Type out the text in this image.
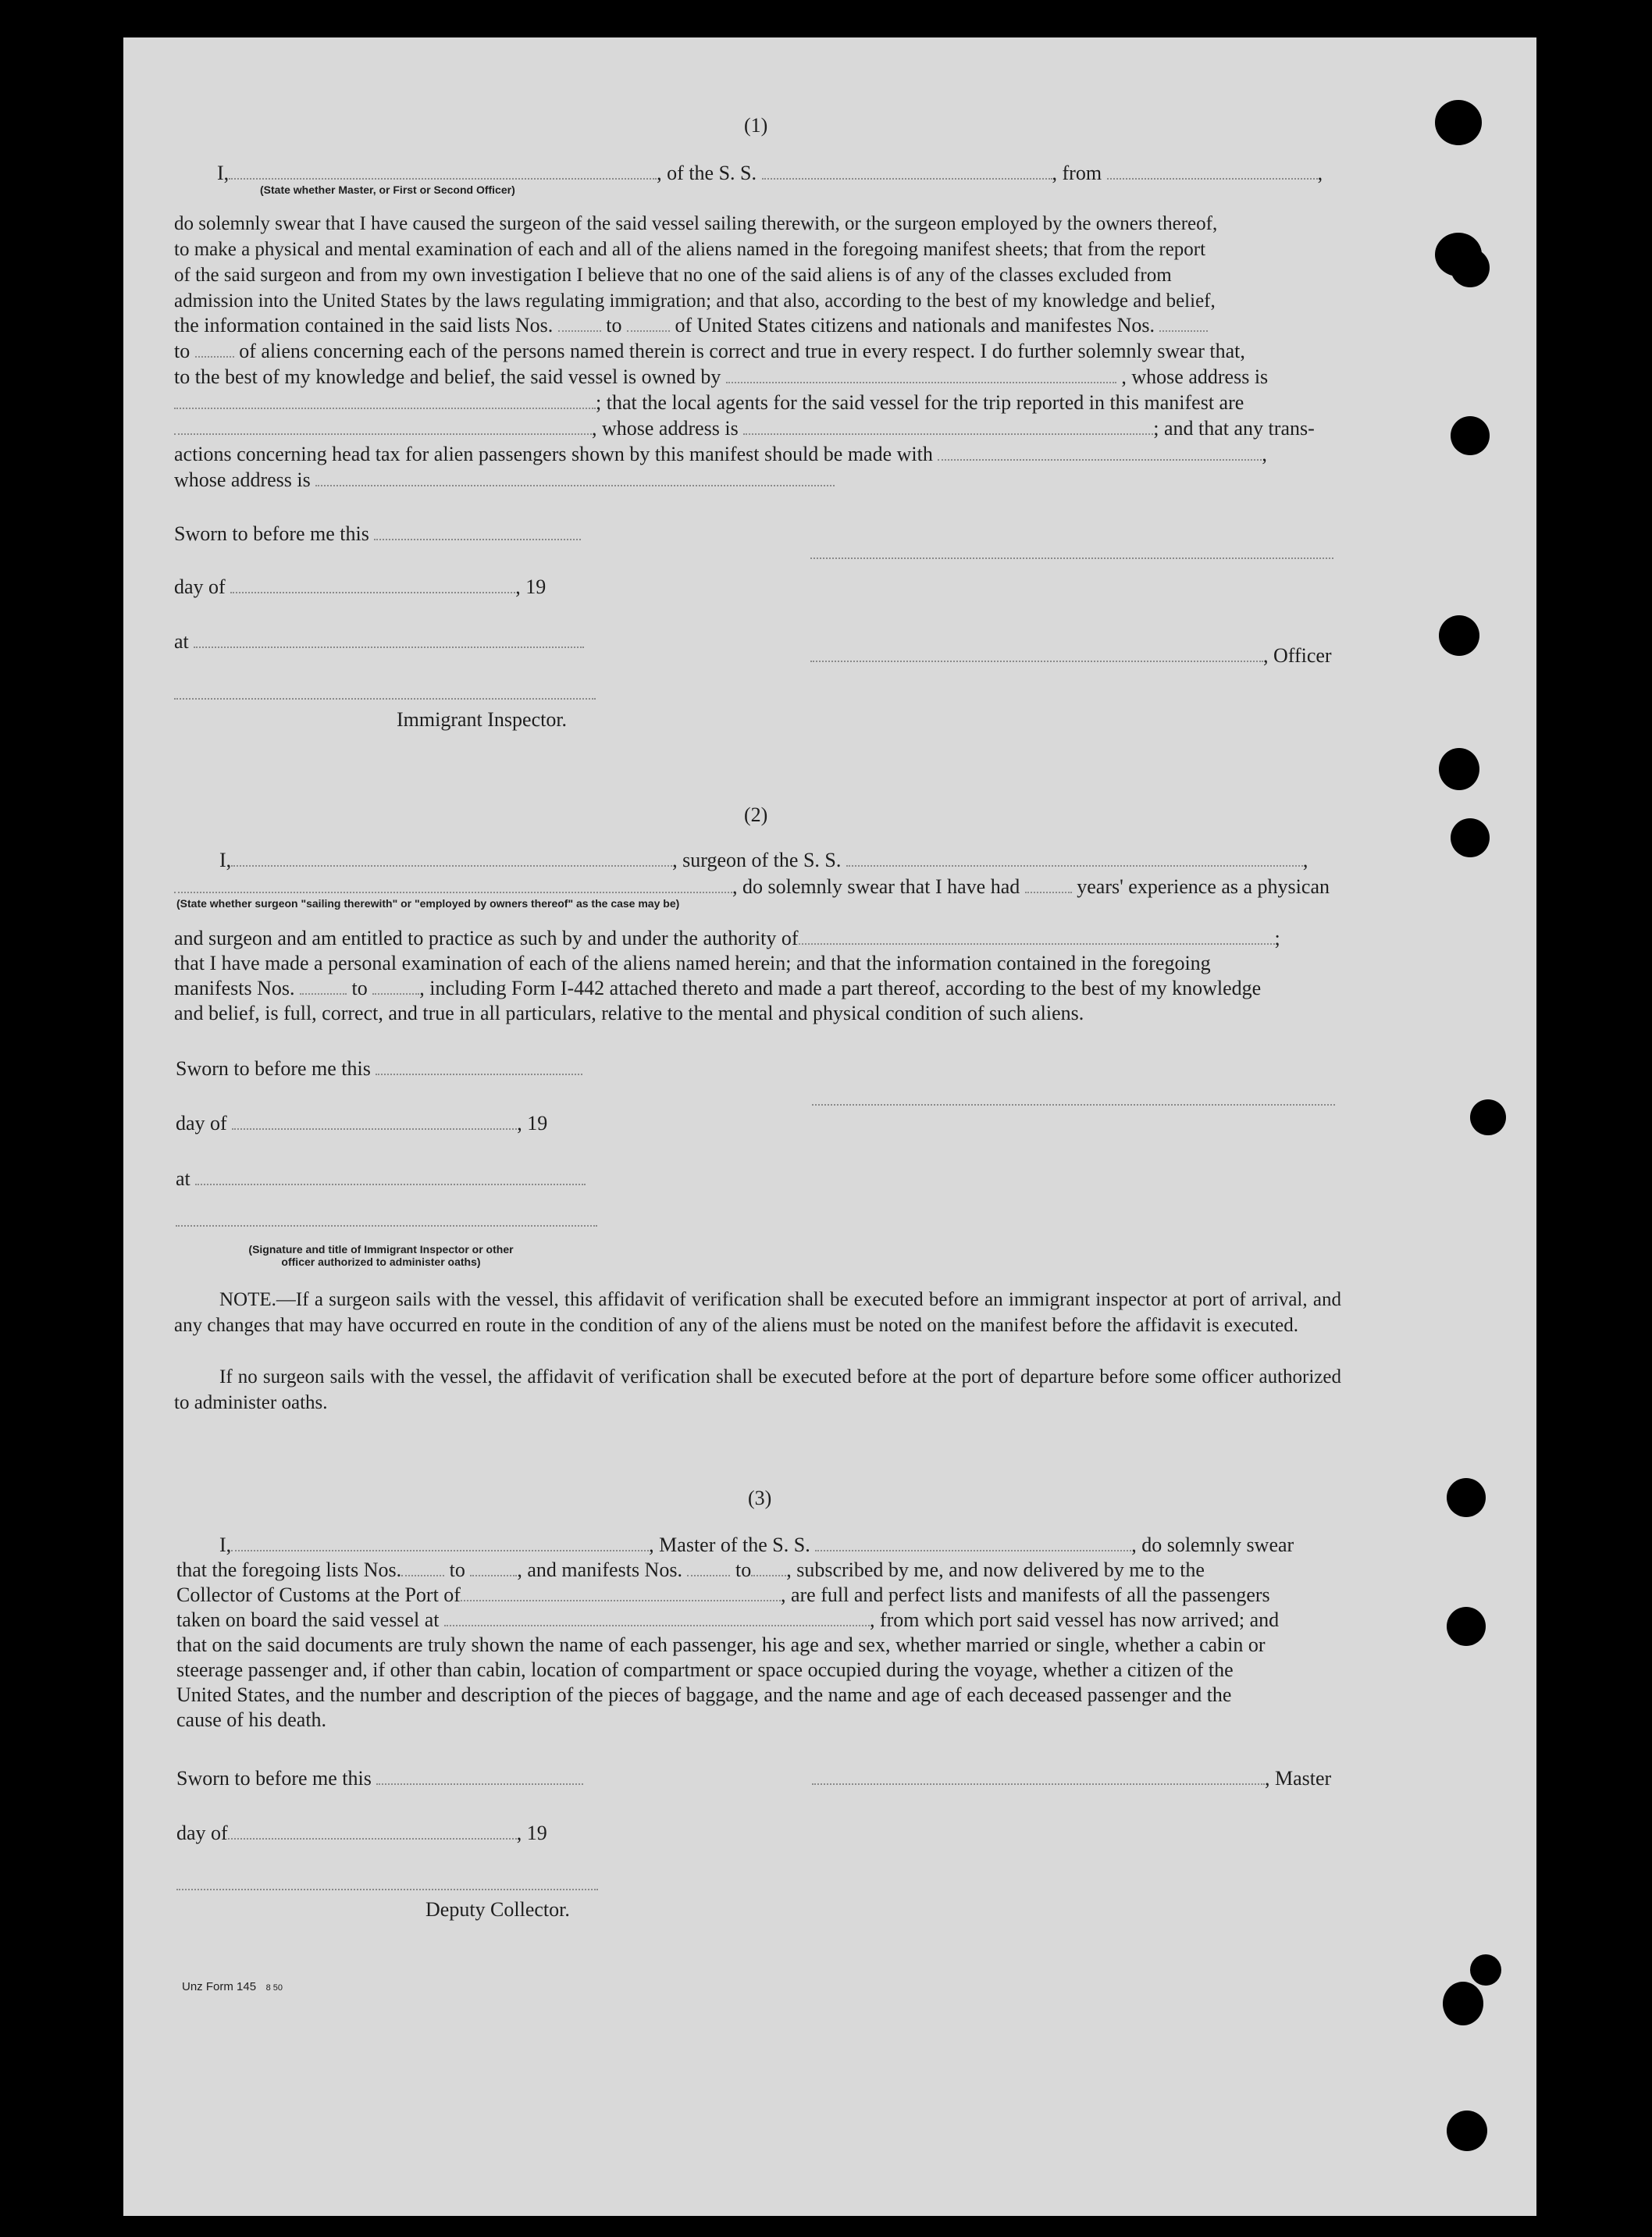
(1)
I,	, of the S. S.	, from	,
(State whether Master, or First or Second Officer)
do solemnly swear that I have caused the surgeon of the said vessel sailing therewith, or the surgeon employed by the owners thereof,
to make a physical and mental examination of each and all of the aliens named in the foregoing manifest sheets; that from the report
of the said surgeon and from my own investigation I believe that no one of the said aliens is of any of the classes excluded from
admission into the United States by the laws regulating immigration; and that also, according to the best of my knowledge and belief,
the information contained in the said lists Nos.	to	of United States citizens and nationals and manifestes Nos.
to of aliens concerning each of the persons named therein is correct and true in every respect. I do further solemnly swear that,
to the best of my knowledge and belief, the said vessel is owned by	, whose address is
; that the local agents for the said vessel for the trip reported in this manifest are
, whose address is	; and that any trans-
actions concerning head tax for alien passengers shown by this manifest should be made with	,
whose address is
Sworn to before me this
day of	, 19
at
, Officer
Immigrant Inspector.
(2)
I,	, surgeon of the S. S.	,
, do solemnly swear that I have had	years' experience as a physican
(State whether surgeon "sailing therewith" or "employed by owners thereof" as the case may be)
and surgeon and am entitled to practice as such by and under the authority of	;
that I have made a personal examination of each of the aliens named herein; and that the information contained in the foregoing
manifests Nos.	to	, including Form I-442 attached thereto and made a part thereof, according to the best of my knowledge
and belief, is full, correct, and true in all particulars, relative to the mental and physical condition of such aliens.
Sworn to before me this
day of	, 19
at
(Signature and title of Immigrant Inspector or other
officer authorized to administer oaths)
NOTE.—If a surgeon sails with the vessel, this affidavit of verification shall be executed before an immigrant inspector at port of arrival, and any changes that may have occurred en route in the condition of any of the aliens must be noted on the manifest before the affidavit is executed.
If no surgeon sails with the vessel, the affidavit of verification shall be executed before at the port of departure before some officer authorized to administer oaths.
(3)
I,	, Master of the S. S.	, do solemnly swear
that the foregoing lists Nos. to	, and manifests Nos.	to , subscribed by me, and now delivered by me to the
Collector of Customs at the Port of	, are full and perfect lists and manifests of all the passengers
taken on board the said vessel at	, from which port said vessel has now arrived; and
that on the said documents are truly shown the name of each passenger, his age and sex, whether married or single, whether a cabin or
steerage passenger and, if other than cabin, location of compartment or space occupied during the voyage, whether a citizen of the
United States, and the number and description of the pieces of baggage, and the name and age of each deceased passenger and the
cause of his death.
Sworn to before me this	, Master
day of	, 19
Deputy Collector.
Unz Form 145 8 50
